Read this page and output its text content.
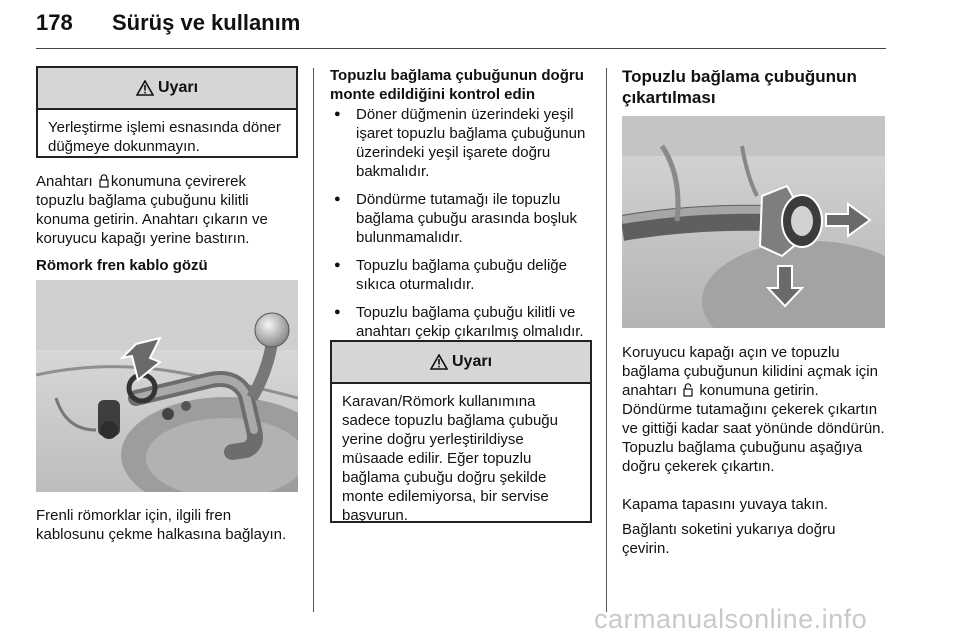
178 Sürüş ve kullanım
Uyarı
Yerleştirme işlemi esnasında döner düğmeye dokunmayın.

Anahtarı konumuna çevirerek topuzlu bağlama çubuğunu kilitli konuma getirin. Anahtarı çıkarın ve koruyucu kapağı yerine bastırın.

Römork fren kablo gözü

Frenli römorklar için, ilgili fren kablosunu çekme halkasına bağlayın.

Topuzlu bağlama çubuğunun doğru monte edildiğini kontrol edin

● Döner düğmenin üzerindeki yeşil işaret topuzlu bağlama çubuğunun üzerindeki yeşil işarete doğru bakmalıdır.
● Döndürme tutamağı ile topuzlu bağlama çubuğu arasında boşluk bulunmamalıdır.
● Topuzlu bağlama çubuğu deliğe sıkıca oturmalıdır.
● Topuzlu bağlama çubuğu kilitli ve anahtarı çekip çıkarılmış olmalıdır.
Uyarı
Karavan/Römork kullanımına sadece topuzlu bağlama çubuğu yerine doğru yerleştirildiyse müsaade edilir. Eğer topuzlu bağlama çubuğu doğru şekilde monte edilemiyorsa, bir servise başvurun.

Topuzlu bağlama çubuğunun çıkartılması

Koruyucu kapağı açın ve topuzlu bağlama çubuğunun kilidini açmak için anahtarı  konumuna getirin.

Döndürme tutamağını çekerek çıkartın ve gittiği kadar saat yönünde döndürün. Topuzlu bağlama çubuğunu aşağıya doğru çekerek çıkartın.

Kapama tapasını yuvaya takın.

Bağlantı soketini yukarıya doğru çevirin.

carmanualsonline.info
